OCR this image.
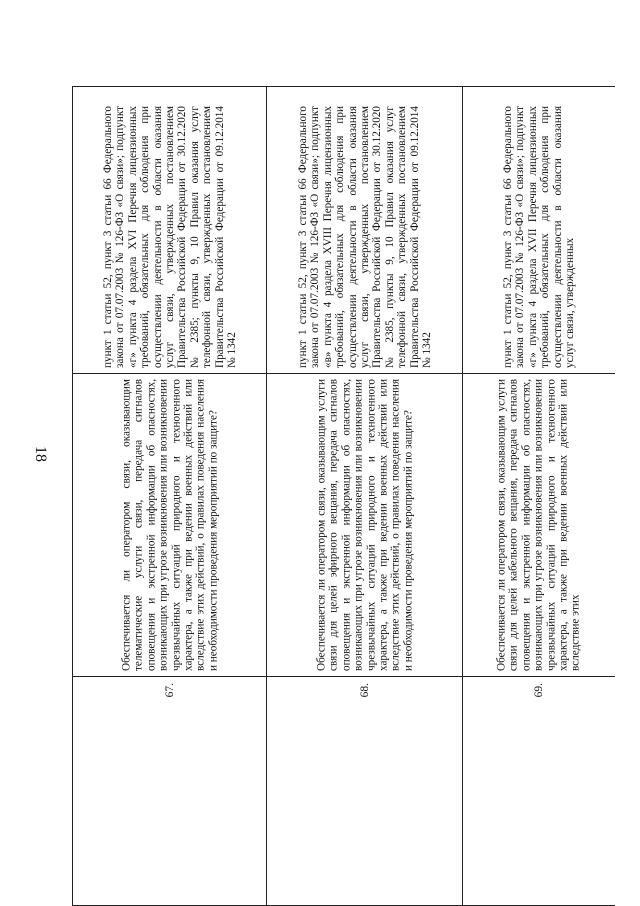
18
67.
Обеспечивается ли оператором связи, оказывающим телематические услуги связи, передача сигналов оповещения и экстренной информации об опасностях, возникающих при угрозе возникновения или возникновении чрезвычайных ситуаций природного и техногенного характера, а также при ведении военных действий или вследствие этих действий, о правилах поведения населения и необходимости проведения мероприятий по защите?
пункт 1 статьи 52, пункт 3 статьи 66 Федерального закона от 07.07.2003 № 126-ФЗ «О связи»; подпункт «г» пункта 4 раздела XVI Перечня лицензионных требований, обязательных для соблюдения при осуществлении деятельности в области оказания услуг связи, утвержденных постановлением Правительства Российской Федерации от 30.12.2020 № 2385; пункты 9, 10 Правил оказания услуг телефонной связи, утвержденных постановлением Правительства Российской Федерации от 09.12.2014 № 1342
68.
Обеспечивается ли оператором связи, оказывающим услуги связи для целей эфирного вещания, передача сигналов оповещения и экстренной информации об опасностях, возникающих при угрозе возникновения или возникновении чрезвычайных ситуаций природного и техногенного характера, а также при ведении военных действий или вследствие этих действий, о правилах поведения населения и необходимости проведения мероприятий по защите?
пункт 1 статьи 52, пункт 3 статьи 66 Федерального закона от 07.07.2003 № 126-ФЗ «О связи»; подпункт «в» пункта 4 раздела XVIII Перечня лицензионных требований, обязательных для соблюдения при осуществлении деятельности в области оказания услуг связи, утвержденных постановлением Правительства Российской Федерации от 30.12.2020 № 2385, пункты 9, 10 Правил оказания услуг телефонной связи, утвержденных постановлением Правительства Российской Федерации от 09.12.2014 № 1342
69.
Обеспечивается ли оператором связи, оказывающим услуги связи для целей кабельного вещания, передача сигналов оповещения и экстренной информации об опасностях, возникающих при угрозе возникновения или возникновении чрезвычайных ситуаций природного и техногенного характера, а также при ведении военных действий или вследствие этих
пункт 1 статьи 52, пункт 3 статьи 66 Федерального закона от 07.07.2003 № 126-ФЗ «О связи»; подпункт «г» пункта 4 раздела XVII Перечня лицензионных требований, обязательных для соблюдения при осуществлении деятельности в области оказания услуг связи, утвержденных
